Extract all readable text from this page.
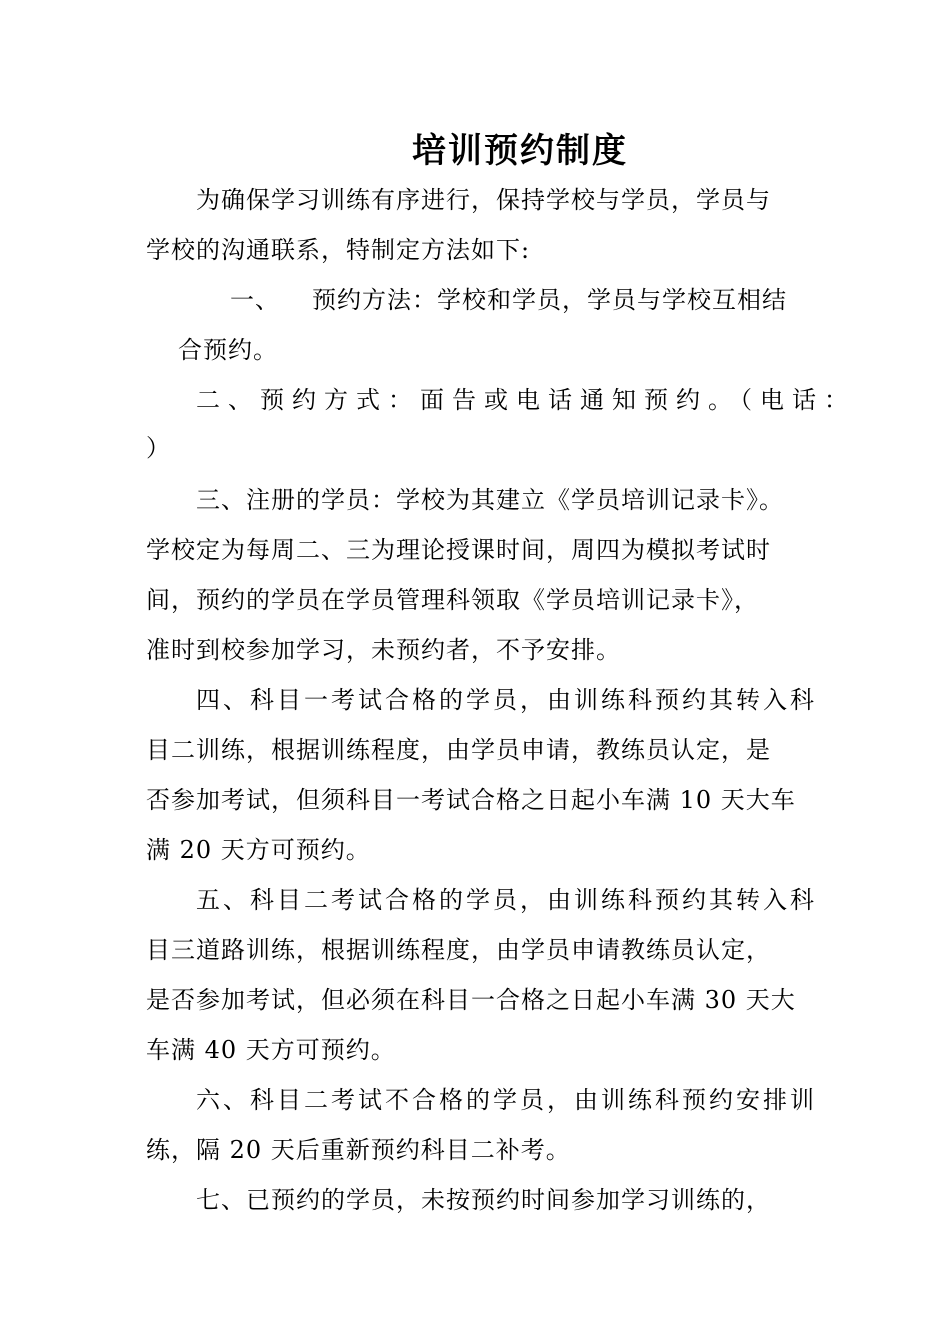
培训预约制度
为确保学习训练有序进行，保持学校与学员，学员与
学校的沟通联系，特制定方法如下:
一、 预约方法：学校和学员，学员与学校互相结
合预约。
二、预约方式：面告或电话通知预约。（电话：
）
三、注册的学员：学校为其建立《学员培训记录卡》。
学校定为每周二、三为理论授课时间，周四为模拟考试时
间，预约的学员在学员管理科领取《学员培训记录卡》，
准时到校参加学习，未预约者，不予安排。
四、科目一考试合格的学员，由训练科预约其转入科
目二训练，根据训练程度，由学员申请，教练员认定，是
否参加考试，但须科目一考试合格之日起小车满 10 天大车
满 20 天方可预约。
五、科目二考试合格的学员，由训练科预约其转入科
目三道路训练，根据训练程度，由学员申请教练员认定，
是否参加考试，但必须在科目一合格之日起小车满 30 天大
车满 40 天方可预约。
六、科目二考试不合格的学员，由训练科预约安排训
练，隔 20 天后重新预约科目二补考。
七、已预约的学员，未按预约时间参加学习训练的，
